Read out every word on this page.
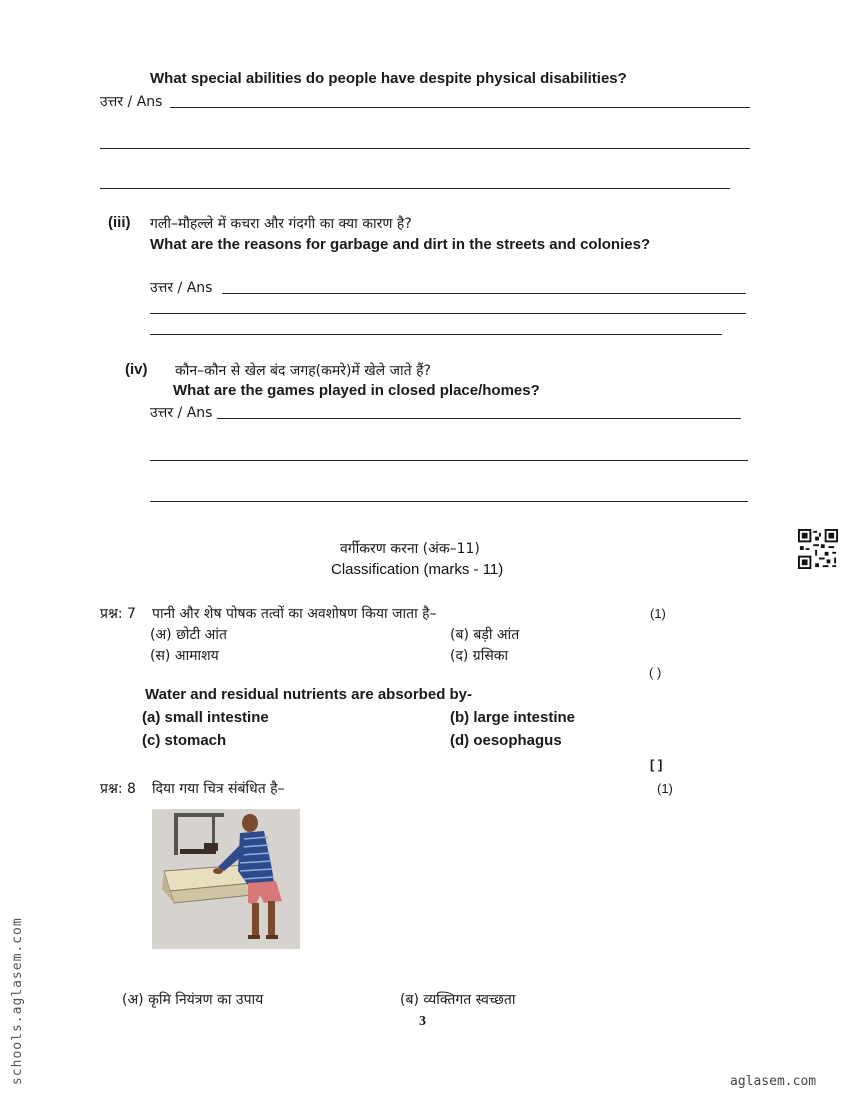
What special abilities do people have despite physical disabilities?
उत्तर / Ans
(iii) गली–मौहल्ले में कचरा और गंदगी का क्या कारण है?
What are the reasons for garbage and dirt in the streets and colonies?
उत्तर / Ans
(iv) कौन–कौन से खेल बंद जगह(कमरे)में खेले जाते हैं?
What are the games played in closed place/homes?
उत्तर / Ans
वर्गीकरण करना (अंक–11)
Classification (marks - 11)
प्रश्न: 7 पानी और शेष पोषक तत्वों का अवशोषण किया जाता है–	(1)
(अ) छोटी आंत	(ब) बड़ी आंत
(स) आमाशय	(द) ग्रसिका
( )
Water and residual nutrients are absorbed by-
(a) small intestine	(b) large intestine
(c) stomach	(d) oesophagus
[ ]
प्रश्न: 8 दिया गया चित्र संबंधित है–	(1)
(अ) कृमि नियंत्रण का उपाय	(ब) व्यक्तिगत स्वच्छता
3
schools.aglasem.com	aglasem.com
